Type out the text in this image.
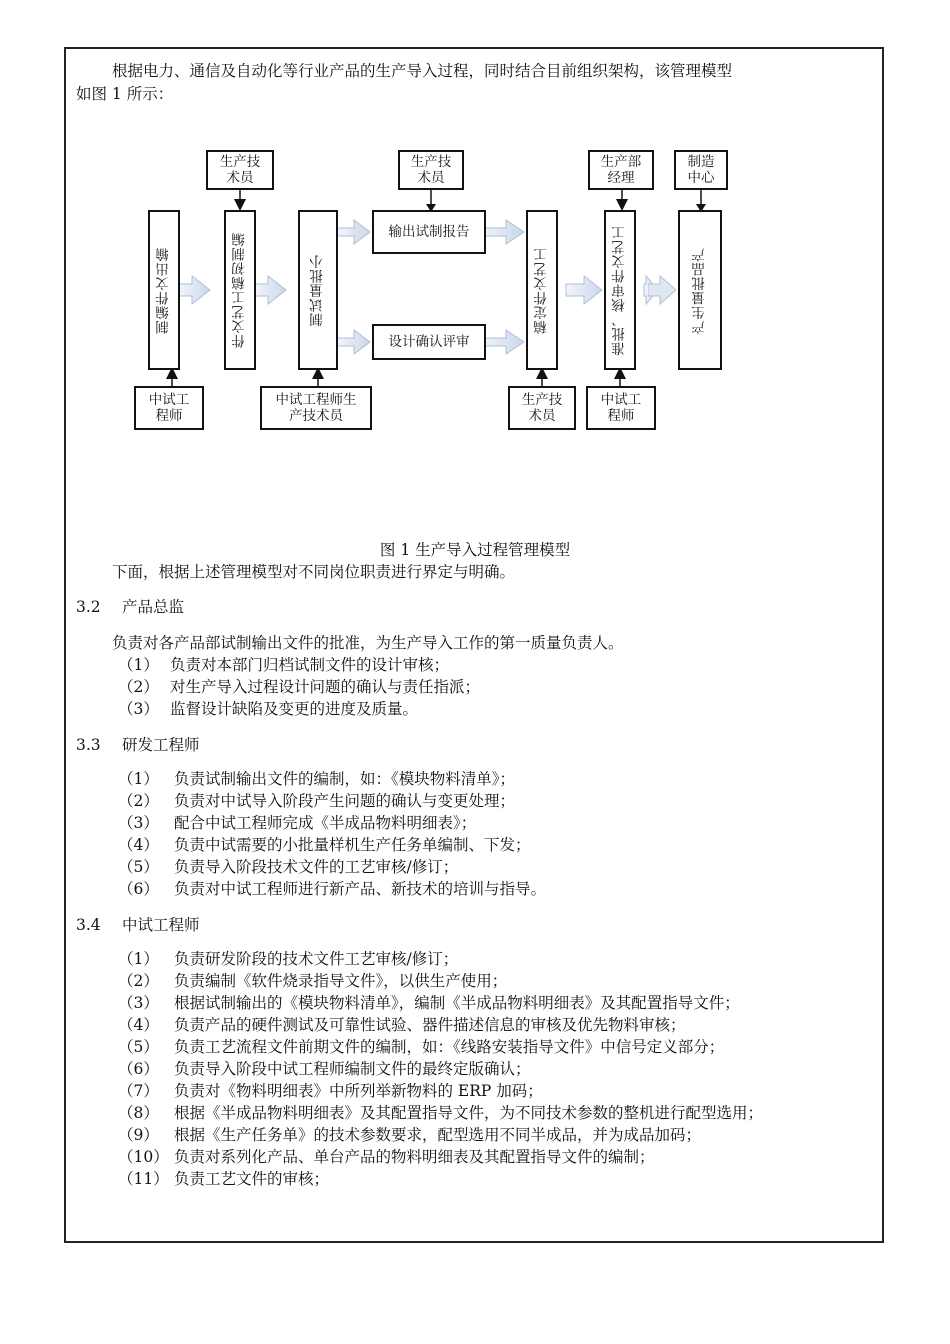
根据电力、通信及自动化等行业产品的生产导入过程，同时结合目前组织架构，该管理模型
如图 1 所示：
生产技术员
生产部经理
制编件文出输	件文艺工稿初制编	制试量批小	稿定件文艺工	准批、核审件文艺工
输出试制报告
设计确认评审
中试工程师
中试工程师生产技术员
生产技术员
中试工程师
生产技术员
制造中心
产生量批品产
图 1 生产导入过程管理模型
下面，根据上述管理模型对不同岗位职责进行界定与明确。
3.2 产品总监
负责对各产品部试制输出文件的批准，为生产导入工作的第一质量负责人。
（1） 负责对本部门归档试制文件的设计审核；
（2） 对生产导入过程设计问题的确认与责任指派；
（3） 监督设计缺陷及变更的进度及质量。
3.3 研发工程师
（1） 负责试制输出文件的编制，如：《模块物料清单》；
（2） 负责对中试导入阶段产生问题的确认与变更处理；
（3） 配合中试工程师完成《半成品物料明细表》；
（4） 负责中试需要的小批量样机生产任务单编制、下发；
（5） 负责导入阶段技术文件的工艺审核/修订；
（6） 负责对中试工程师进行新产品、新技术的培训与指导。
3.4 中试工程师
（1） 负责研发阶段的技术文件工艺审核/修订；
（2） 负责编制《软件烧录指导文件》，以供生产使用；
（3） 根据试制输出的《模块物料清单》，编制《半成品物料明细表》及其配置指导文件；
（4） 负责产品的硬件测试及可靠性试验、器件描述信息的审核及优先物料审核；
（5） 负责工艺流程文件前期文件的编制，如：《线路安装指导文件》中信号定义部分；
（6） 负责导入阶段中试工程师编制文件的最终定版确认；
（7） 负责对《物料明细表》中所列举新物料的 ERP 加码；
（8） 根据《半成品物料明细表》及其配置指导文件，为不同技术参数的整机进行配型选用；
（9） 根据《生产任务单》的技术参数要求，配型选用不同半成品，并为成品加码；
（10） 负责对系列化产品、单台产品的物料明细表及其配置指导文件的编制；
（11） 负责工艺文件的审核；
